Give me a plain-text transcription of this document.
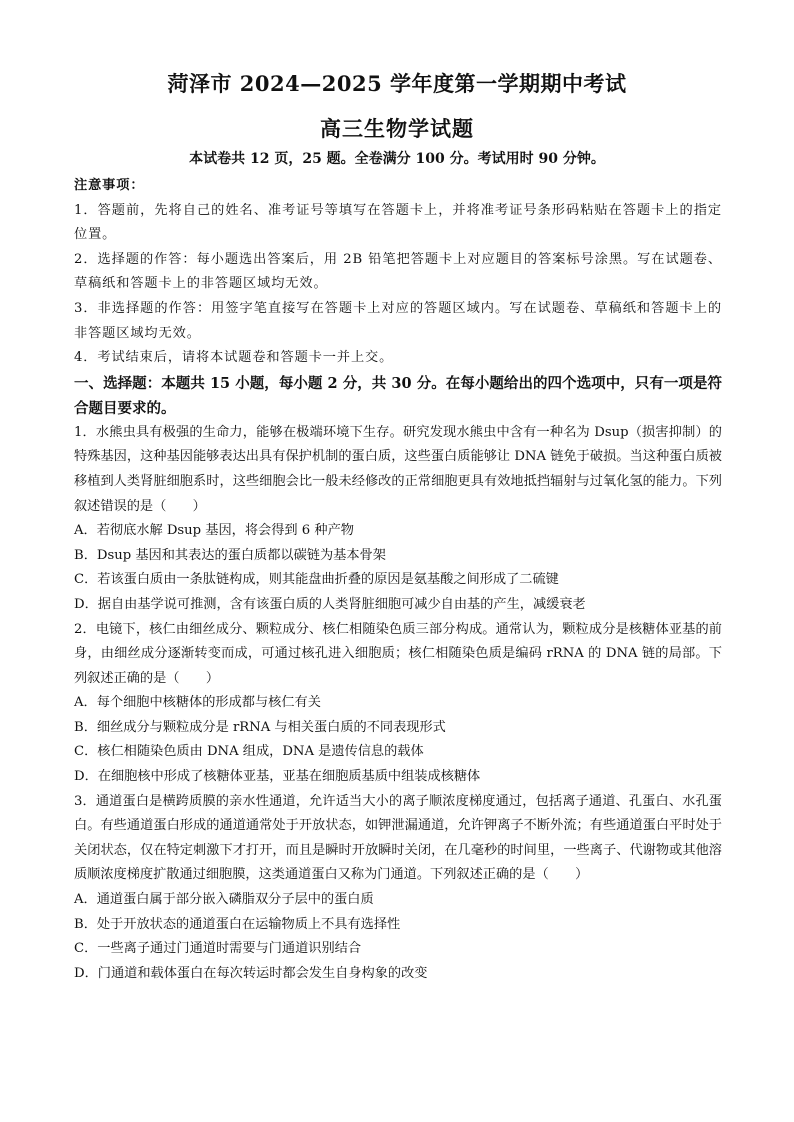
菏泽市 2024—2025 学年度第一学期期中考试
高三生物学试题
本试卷共 12 页，25 题。全卷满分 100 分。考试用时 90 分钟。

注意事项：

1．答题前，先将自己的姓名、准考证号等填写在答题卡上，并将准考证号条形码粘贴在答题卡上的指定位置。

2．选择题的作答：每小题选出答案后，用 2B 铅笔把答题卡上对应题目的答案标号涂黑。写在试题卷、草稿纸和答题卡上的非答题区域均无效。

3．非选择题的作答：用签字笔直接写在答题卡上对应的答题区域内。写在试题卷、草稿纸和答题卡上的非答题区域均无效。

4．考试结束后，请将本试题卷和答题卡一并上交。

一、选择题：本题共 15 小题，每小题 2 分，共 30 分。在每小题给出的四个选项中，只有一项是符合题目要求的。

1．水熊虫具有极强的生命力，能够在极端环境下生存。研究发现水熊虫中含有一种名为 Dsup（损害抑制）的特殊基因，这种基因能够表达出具有保护机制的蛋白质，这些蛋白质能够让 DNA 链免于破损。当这种蛋白质被移植到人类肾脏细胞系时，这些细胞会比一般未经修改的正常细胞更具有效地抵挡辐射与过氧化氢的能力。下列叙述错误的是（　　）

A．若彻底水解 Dsup 基因，将会得到 6 种产物

B．Dsup 基因和其表达的蛋白质都以碳链为基本骨架

C．若该蛋白质由一条肽链构成，则其能盘曲折叠的原因是氨基酸之间形成了二硫键

D．据自由基学说可推测，含有该蛋白质的人类肾脏细胞可减少自由基的产生，减缓衰老

2．电镜下，核仁由细丝成分、颗粒成分、核仁相随染色质三部分构成。通常认为，颗粒成分是核糖体亚基的前身，由细丝成分逐渐转变而成，可通过核孔进入细胞质；核仁相随染色质是编码 rRNA 的 DNA 链的局部。下列叙述正确的是（　　）

A．每个细胞中核糖体的形成都与核仁有关

B．细丝成分与颗粒成分是 rRNA 与相关蛋白质的不同表现形式

C．核仁相随染色质由 DNA 组成，DNA 是遗传信息的载体

D．在细胞核中形成了核糖体亚基，亚基在细胞质基质中组装成核糖体

3．通道蛋白是横跨质膜的亲水性通道，允许适当大小的离子顺浓度梯度通过，包括离子通道、孔蛋白、水孔蛋白。有些通道蛋白形成的通道通常处于开放状态，如钾泄漏通道，允许钾离子不断外流；有些通道蛋白平时处于关闭状态，仅在特定刺激下才打开，而且是瞬时开放瞬时关闭，在几毫秒的时间里，一些离子、代谢物或其他溶质顺浓度梯度扩散通过细胞膜，这类通道蛋白又称为门通道。下列叙述正确的是（　　）

A．通道蛋白属于部分嵌入磷脂双分子层中的蛋白质

B．处于开放状态的通道蛋白在运输物质上不具有选择性

C．一些离子通过门通道时需要与门通道识别结合

D．门通道和载体蛋白在每次转运时都会发生自身构象的改变
